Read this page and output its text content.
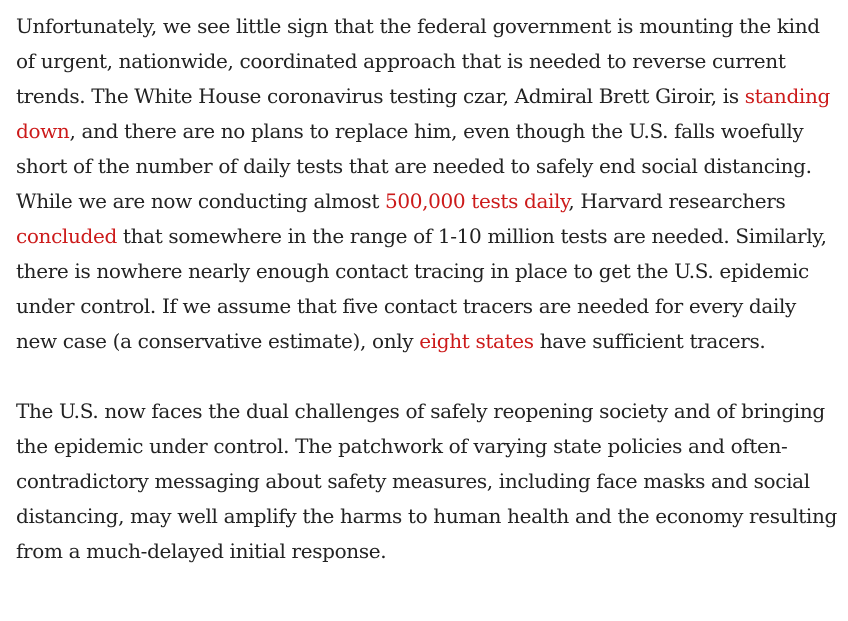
Unfortunately, we see little sign that the federal government is mounting the kind of urgent, nationwide, coordinated approach that is needed to reverse current trends. The White House coronavirus testing czar, Admiral Brett Giroir, is standing down, and there are no plans to replace him, even though the U.S. falls woefully short of the number of daily tests that are needed to safely end social distancing. While we are now conducting almost 500,000 tests daily, Harvard researchers concluded that somewhere in the range of 1-10 million tests are needed. Similarly, there is nowhere nearly enough contact tracing in place to get the U.S. epidemic under control. If we assume that five contact tracers are needed for every daily new case (a conservative estimate), only eight states have sufficient tracers.

The U.S. now faces the dual challenges of safely reopening society and of bringing the epidemic under control. The patchwork of varying state policies and often-contradictory messaging about safety measures, including face masks and social distancing, may well amplify the harms to human health and the economy resulting from a much-delayed initial response.
